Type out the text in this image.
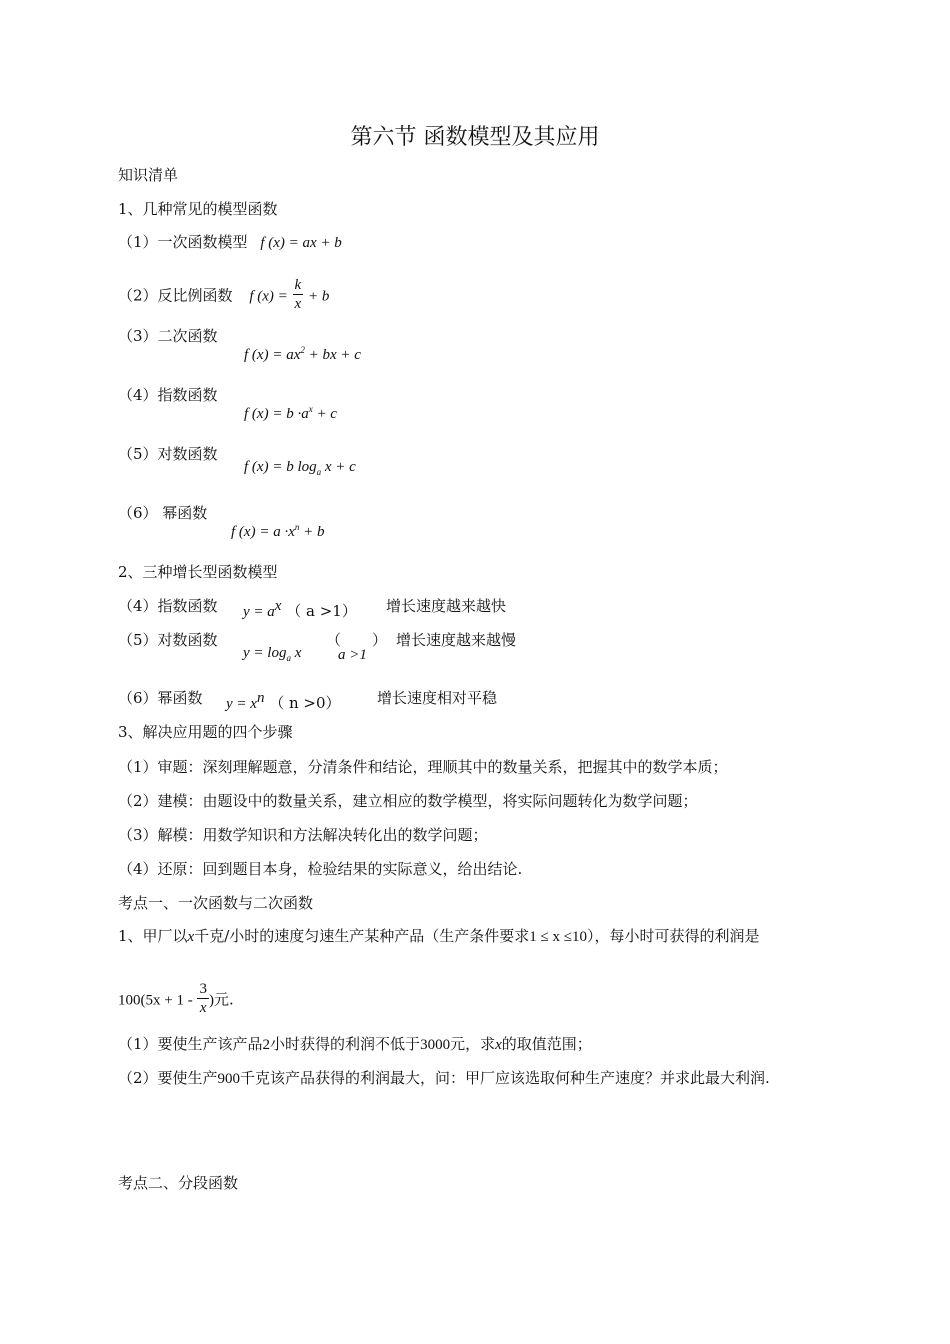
第六节 函数模型及其应用
知识清单
1、几种常见的模型函数
（1）一次函数模型 f (x) = ax + b
（2）反比例函数 f $(x) = \frac{k}{x} + b$
（3）二次函数
f $(x) = ax^2$ + bx + c
（4）指数函数
f $(x) = b \cdot a^x + c$
（5）对数函数
f (x) = b $\log_a x + c$
（6） 幂函数
f $(x) = a \cdot x^n + b$
2、三种增长型函数模型
（4）指数函数 $y = a^x$ （ a >1） 增长速度越来越快
（5）对数函数
$y = \log_a x$
（
a >1
） 增长速度越来越慢
（6）幂函数 $y = x^n$ （ n >0） 增长速度相对平稳
3、解决应用题的四个步骤
（1）审题：深刻理解题意，分清条件和结论，理顺其中的数量关系，把握其中的数学本质；
（2）建模：由题设中的数量关系，建立相应的数学模型，将实际问题转化为数学问题；
（3）解模：用数学知识和方法解决转化出的数学问题；
（4）还原：回到题目本身，检验结果的实际意义，给出结论.
考点一、一次函数与二次函数
1、甲厂以x千克/小时的速度匀速生产某种产品（生产条件要求1 ≤ x ≤10），每小时可获得的利润是
$100(5x + 1 - \frac{3}{x}$ )元.
（1）要使生产该产品2小时获得的利润不低于3000元，求x的取值范围；
（2）要使生产900千克该产品获得的利润最大，问：甲厂应该选取何种生产速度？并求此最大利润.
考点二、分段函数
